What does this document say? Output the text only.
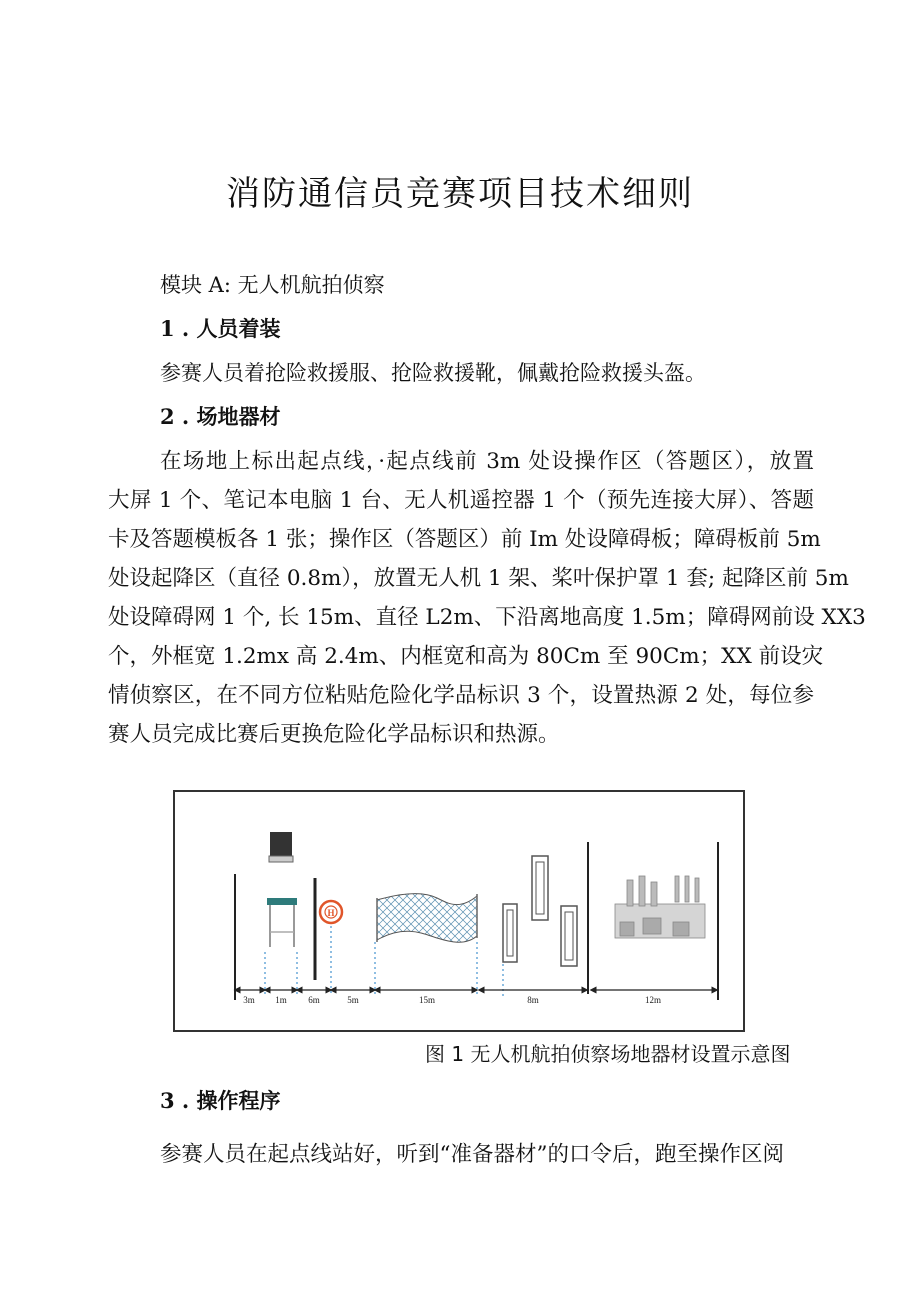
消防通信员竞赛项目技术细则
模块 A: 无人机航拍侦察
1 . 人员着装
参赛人员着抢险救援服、抢险救援靴，佩戴抢险救援头盔。
2 . 场地器材
在场地上标出起点线，·起点线前 3m 处设操作区（答题区），放置
大屏 1 个、笔记本电脑 1 台、无人机遥控器 1 个（预先连接大屏）、答题
卡及答题模板各 1 张；操作区（答题区）前 Im 处设障碍板；障碍板前 5m
处设起降区（直径 0.8m），放置无人机 1 架、桨叶保护罩 1 套; 起降区前 5m
处设障碍网 1 个, 长 15m、直径 L2m、下沿离地高度 1.5m；障碍网前设 XX3
个，外框宽 1.2mx 高 2.4m、内框宽和高为 80Cm 至 90Cm；XX 前设灾
情侦察区，在不同方位粘贴危险化学品标识 3 个，设置热源 2 处，每位参
赛人员完成比赛后更换危险化学品标识和热源。
H
3m 1m 6m	5m	15m	8m	12m
图 1 无人机航拍侦察场地器材设置示意图
3 . 操作程序
参赛人员在起点线站好，听到“准备器材”的口令后，跑至操作区阅
